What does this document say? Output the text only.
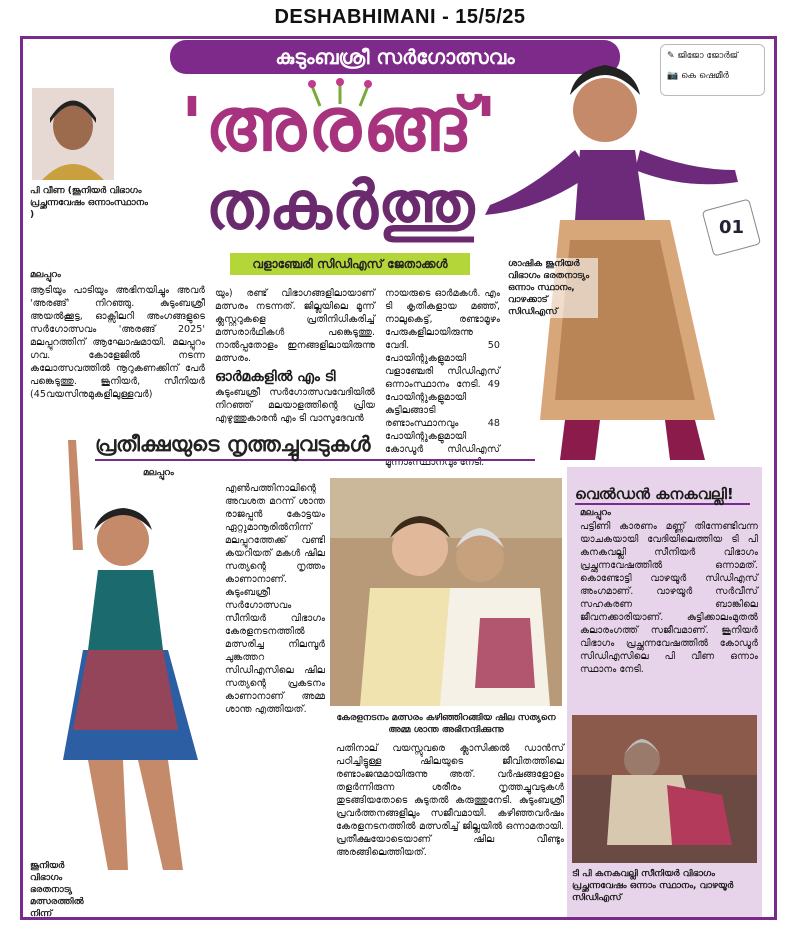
DESHABHIMANI - 15/5/25
കുടുംബശ്രീ സർഗോത്സവം	✎ ജിജോ ജോർജ്
📷 കെ ഷെമീർ
'അരങ്ങ്'
തകർത്തു
വളാഞ്ചേരി സിഡിഎസ് ജേതാക്കൾ
പി വീണ (ജൂനിയർ വിഭാഗം പ്രച്ഛന്നവേഷം ഒന്നാംസ്ഥാനം )
01
ശാഷിക ജൂനിയർ വിഭാഗം ഭരതനാട്യം ഒന്നാം സ്ഥാനം, വാഴക്കാട് സിഡിഎസ്
മലപ്പുറം
ആടിയും പാടിയും അഭിനയിച്ചും അവർ 'അരങ്ങ്' നിറഞ്ഞു. കുടുംബശ്രീ അയൽക്കൂട്ട, ഓക്സിലറി അംഗങ്ങളുടെ സർഗോത്സവം 'അരങ്ങ് 2025' മലപ്പുറത്തിന് ആഘോഷമായി. മലപ്പുറം ഗവ. കോളേജിൽ നടന്ന കലോത്സവത്തിൽ നൂറുകണക്കിന് പേർ പങ്കെടുത്തു. ജൂനിയർ, സീനിയർ (45വയസിനുമുകളിലുള്ളവർ)
യും) രണ്ട് വിഭാഗങ്ങളിലായാണ് മത്സരം നടന്നത്. ജില്ലയിലെ മൂന്ന് ക്ലസ്റ്ററുകളെ പ്രതിനിധികരിച്ച് മത്സരാർഥികൾ പങ്കെടുത്തു. നാൽപ്പതോളം ഇനങ്ങളിലായിരുന്നു മത്സരം.
ഓർമകളിൽ എം ടി
കുടുംബശ്രീ സർഗോത്സവവേദിയിൽ നിറഞ്ഞ് മലയാളത്തിന്റെ പ്രിയ എഴുത്തുകാരൻ എം ടി വാസുദേവൻ
നായരുടെ ഓർമകൾ. എം ടി കൃതികളായ മഞ്ഞ്, നാലുകെട്ട്, രണ്ടാമൂഴം പേരുകളിലായിരുന്നു വേദി. 50 പോയിന്റുകളുമായി വളാഞ്ചേരി സിഡിഎസ് ഒന്നാംസ്ഥാനം നേടി. 49 പോയിന്റുകളുമായി കുട്ടിലങ്ങാടി രണ്ടാംസ്ഥാനവും 48 പോയിന്റുകളുമായി കോഡൂർ സിഡിഎസ് മൂന്നാംസ്ഥാനവും നേടി.
പ്രതീക്ഷയുടെ നൃത്തച്ചുവടുകൾ
ജൂനിയർ വിഭാഗം ഭരതനാട്യ മത്സരത്തിൽ നിന്ന്
മലപ്പുറം
എൺപത്തിനാലിന്റെ അവശത മറന്ന് ശാന്ത രാജപ്പൻ കോട്ടയം ഏറ്റുമാനൂരിൽനിന്ന് മലപ്പുറത്തേക്ക് വണ്ടി കയറിയത് മകൾ ഷില സത്യന്റെ നൃത്തം കാണാനാണ്. കുടുംബശ്രീ സർഗോത്സവം സീനിയർ വിഭാഗം കേരളനടനത്തിൽ മത്സരിച്ച നിലമ്പൂർ ചുങ്കത്തറ സിഡിഎസിലെ ഷില സത്യന്റെ പ്രകടനം കാണാനാണ് അമ്മ ശാന്ത എത്തിയത്.
കേരളനടനം മത്സരം കഴിഞ്ഞിറങ്ങിയ ഷില സത്യനെ അമ്മ ശാന്ത അഭിനന്ദിക്കുന്നു
പതിനാല് വയസ്സുവരെ ക്ലാസിക്കൽ ഡാൻസ് പഠിച്ചിട്ടുള്ള ഷിലയുടെ ജീവിതത്തിലെ രണ്ടാംജന്മമായിരുന്നു അത്. വർഷങ്ങളോളം തളർന്നിരുന്ന ശരീരം നൃത്തച്ചുവടുകൾ തുടങ്ങിയതോടെ കുടുതൽ കരുത്തുനേടി. കുടുംബശ്രീ പ്രവർത്തനങ്ങളിലും സജീവമായി. കഴിഞ്ഞവർഷം കേരളനടനത്തിൽ മത്സരിച്ച് ജില്ലയിൽ ഒന്നാമതായി. പ്രതീക്ഷയോടെയാണ് ഷില വീണ്ടും അരങ്ങിലെത്തിയത്.
വെൽഡൻ കനകവല്ലി!
മലപ്പുറം
പട്ടിണി കാരണം മണ്ണ് തിന്നേണ്ടിവന്ന യാചകയായി വേദിയിലെത്തിയ ടി പി കനകവല്ലി സീനിയർ വിഭാഗം പ്രച്ഛന്നവേഷത്തിൽ ഒന്നാമത്. കൊണ്ടോട്ടി വാഴയൂർ സിഡിഎസ് അംഗമാണ്. വാഴയൂർ സർവീസ് സഹകരണ ബാങ്കിലെ ജീവനക്കാരിയാണ്. കുട്ടിക്കാലംമുതൽ കലാരംഗത്ത് സജീവമാണ്. ജൂനിയർ വിഭാഗം പ്രച്ഛന്നവേഷത്തിൽ കോഡൂർ സിഡിഎസിലെ പി വീണ ഒന്നാം സ്ഥാനം നേടി.
ടി പി കനകവല്ലി സീനിയർ വിഭാഗം പ്രച്ഛന്നവേഷം ഒന്നാം സ്ഥാനം, വാഴയൂർ സിഡിഎസ്
